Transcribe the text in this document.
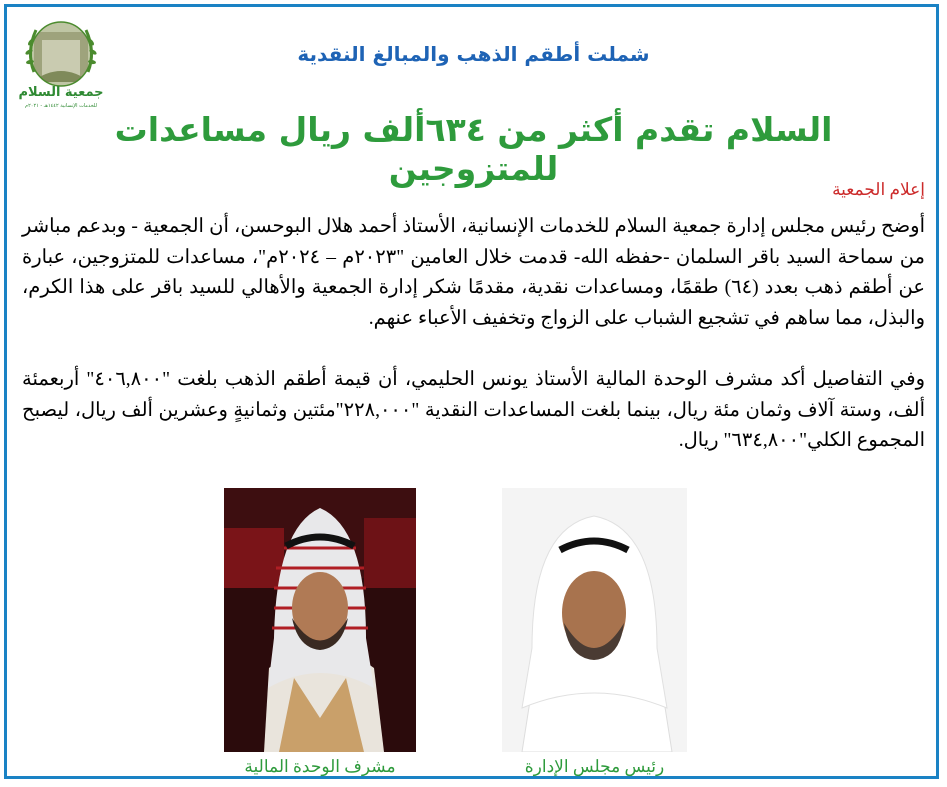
جمعية السلام
للخدمات الإنسانية ١٤٤٢هـ - ٢٠٢١م
شملت أطقم الذهب والمبالغ النقدية
السلام تقدم أكثر من ٦٣٤ألف ريال مساعدات للمتزوجين
إعلام الجمعية

أوضح رئيس مجلس إدارة جمعية السلام للخدمات الإنسانية، الأستاذ أحمد هلال البوحسن، أن الجمعية - وبدعم مباشر من سماحة السيد باقر السلمان -حفظه الله- قدمت خلال العامين "٢٠٢٣م – ٢٠٢٤م"، مساعدات للمتزوجين، عبارة عن أطقم ذهب بعدد (٦٤) طقمًا، ومساعدات نقدية، مقدمًا شكر إدارة الجمعية والأهالي للسيد باقر على هذا الكرم، والبذل، مما ساهم في تشجيع الشباب على الزواج وتخفيف الأعباء عنهم.

وفي التفاصيل أكد مشرف الوحدة المالية الأستاذ يونس الحليمي، أن قيمة أطقم الذهب بلغت "٤٠٦,٨٠٠" أربعمئة ألف، وستة آلاف وثمان مئة ريال، بينما بلغت المساعدات النقدية "٢٢٨,٠٠٠"مئتين وثمانيةٍ وعشرين ألف ريال، ليصبح المجموع الكلي"٦٣٤,٨٠٠" ريال.

مشرف الوحدة المالية	رئيس مجلس الإدارة
